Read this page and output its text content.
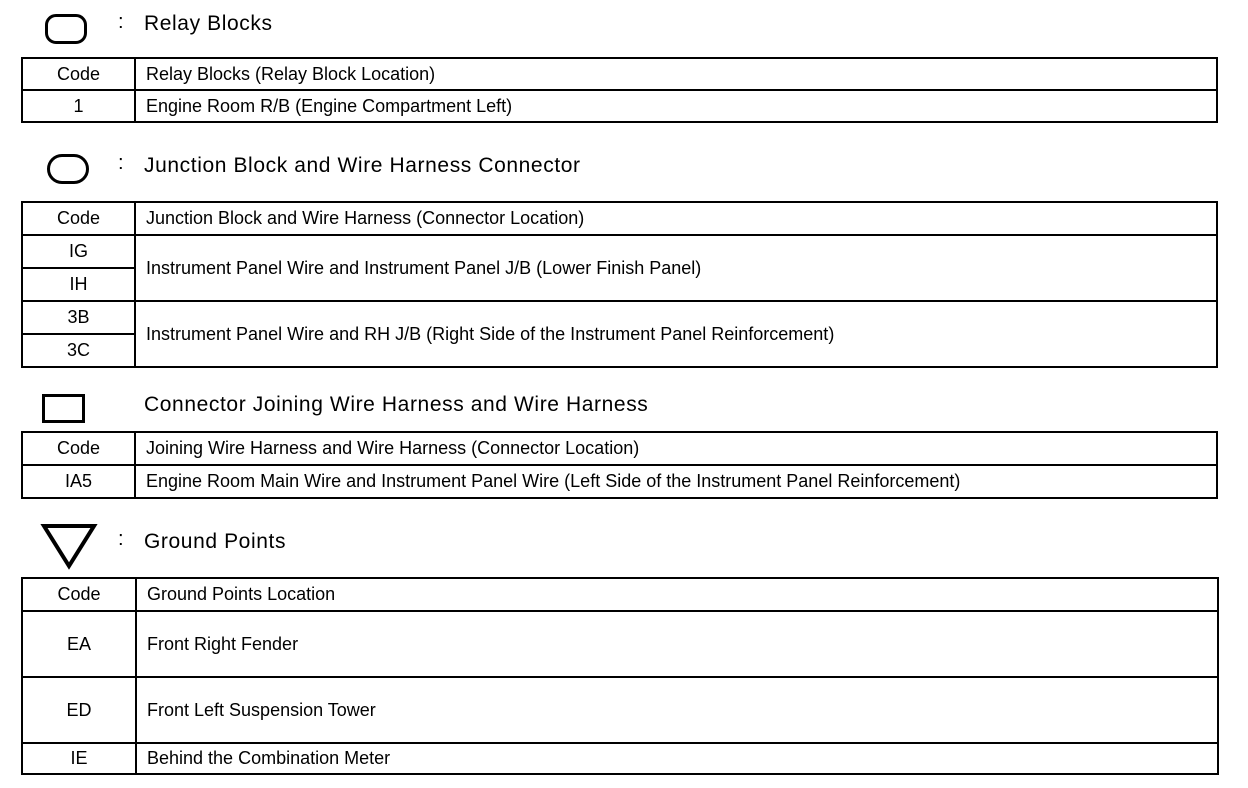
: Relay Blocks
Code	Relay Blocks (Relay Block Location)
1	Engine Room R/B (Engine Compartment Left)
: Junction Block and Wire Harness Connector
Code	Junction Block and Wire Harness (Connector Location)
IG	Instrument Panel Wire and Instrument Panel J/B (Lower Finish Panel)
IH	
3B	Instrument Panel Wire and RH J/B (Right Side of the Instrument Panel Reinforcement)
3C	
Connector Joining Wire Harness and Wire Harness
Code	Joining Wire Harness and Wire Harness (Connector Location)
IA5	Engine Room Main Wire and Instrument Panel Wire (Left Side of the Instrument Panel Reinforcement)
: Ground Points
Code	Ground Points Location
EA	Front Right Fender
ED	Front Left Suspension Tower
IE	Behind the Combination Meter
